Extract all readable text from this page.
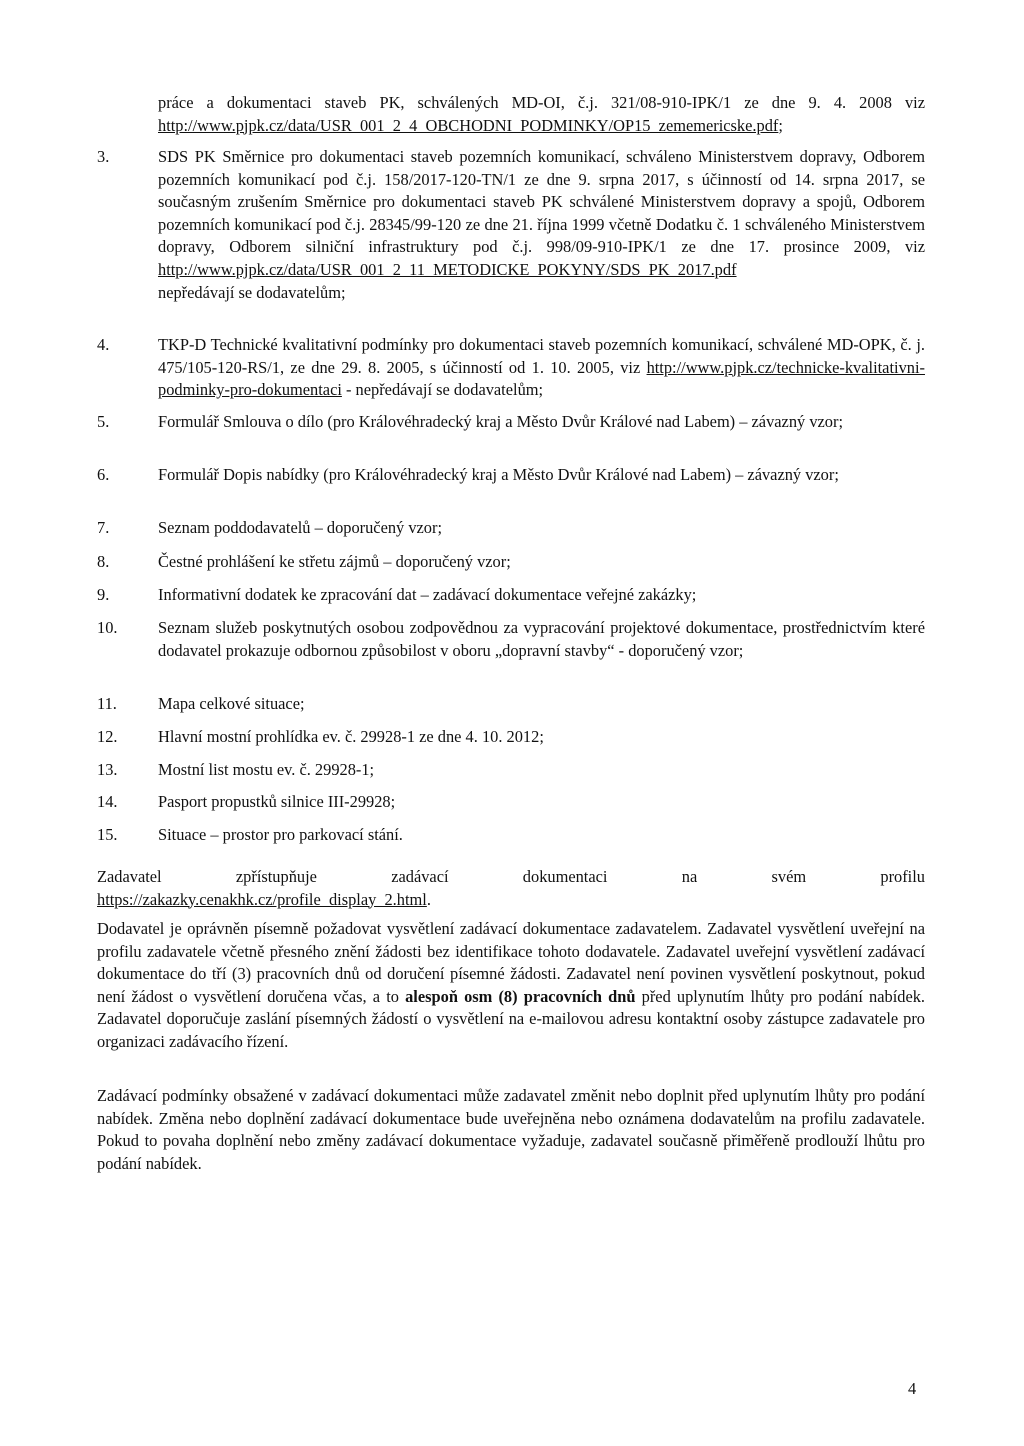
práce a dokumentaci staveb PK, schválených MD-OI, č.j. 321/08-910-IPK/1 ze dne 9. 4. 2008 viz http://www.pjpk.cz/data/USR_001_2_4_OBCHODNI_PODMINKY/OP15_zememericske.pdf;
3.	SDS PK Směrnice pro dokumentaci staveb pozemních komunikací, schváleno Ministerstvem dopravy, Odborem pozemních komunikací pod č.j. 158/2017-120-TN/1 ze dne 9. srpna 2017, s účinností od 14. srpna 2017, se současným zrušením Směrnice pro dokumentaci staveb PK schválené Ministerstvem dopravy a spojů, Odborem pozemních komunikací pod č.j. 28345/99-120 ze dne 21. října 1999 včetně Dodatku č. 1 schváleného Ministerstvem dopravy, Odborem silniční infrastruktury pod č.j. 998/09-910-IPK/1 ze dne 17. prosince 2009, viz http://www.pjpk.cz/data/USR_001_2_11_METODICKE_POKYNY/SDS_PK_2017.pdf
nepředávají se dodavatelům;
4.	TKP-D Technické kvalitativní podmínky pro dokumentaci staveb pozemních komunikací, schválené MD-OPK, č. j. 475/105-120-RS/1, ze dne 29. 8. 2005, s účinností od 1. 10. 2005, viz http://www.pjpk.cz/technicke-kvalitativni-podminky-pro-dokumentaci - nepředávají se dodavatelům;
5.	Formulář Smlouva o dílo (pro Královéhradecký kraj a Město Dvůr Králové nad Labem) – závazný vzor;
6.	Formulář Dopis nabídky (pro Královéhradecký kraj a Město Dvůr Králové nad Labem) – závazný vzor;
7.	Seznam poddodavatelů – doporučený vzor;
8.	Čestné prohlášení ke střetu zájmů – doporučený vzor;
9.	Informativní dodatek ke zpracování dat – zadávací dokumentace veřejné zakázky;
10. Seznam služeb poskytnutých osobou zodpovědnou za vypracování projektové dokumentace, prostřednictvím které dodavatel prokazuje odbornou způsobilost v oboru „dopravní stavby“ - doporučený vzor;
11.	Mapa celkové situace;
12. Hlavní mostní prohlídka ev. č. 29928-1 ze dne 4. 10. 2012;
13. Mostní list mostu ev. č. 29928-1;
14. Pasport propustků silnice III-29928;
15. Situace – prostor pro parkovací stání.
Zadavatel zpřístupňuje zadávací dokumentaci na svém profilu
https://zakazky.cenakhk.cz/profile_display_2.html.
Dodavatel je oprávněn písemně požadovat vysvětlení zadávací dokumentace zadavatelem. Zadavatel vysvětlení uveřejní na profilu zadavatele včetně přesného znění žádosti bez identifikace tohoto dodavatele. Zadavatel uveřejní vysvětlení zadávací dokumentace do tří (3) pracovních dnů od doručení písemné žádosti. Zadavatel není povinen vysvětlení poskytnout, pokud není žádost o vysvětlení doručena včas, a to alespoň osm (8) pracovních dnů před uplynutím lhůty pro podání nabídek. Zadavatel doporučuje zaslání písemných žádostí o vysvětlení na e-mailovou adresu kontaktní osoby zástupce zadavatele pro organizaci zadávacího řízení.
Zadávací podmínky obsažené v zadávací dokumentaci může zadavatel změnit nebo doplnit před uplynutím lhůty pro podání nabídek. Změna nebo doplnění zadávací dokumentace bude uveřejněna nebo oznámena dodavatelům na profilu zadavatele. Pokud to povaha doplnění nebo změny zadávací dokumentace vyžaduje, zadavatel současně přiměřeně prodlouží lhůtu pro podání nabídek.
4
